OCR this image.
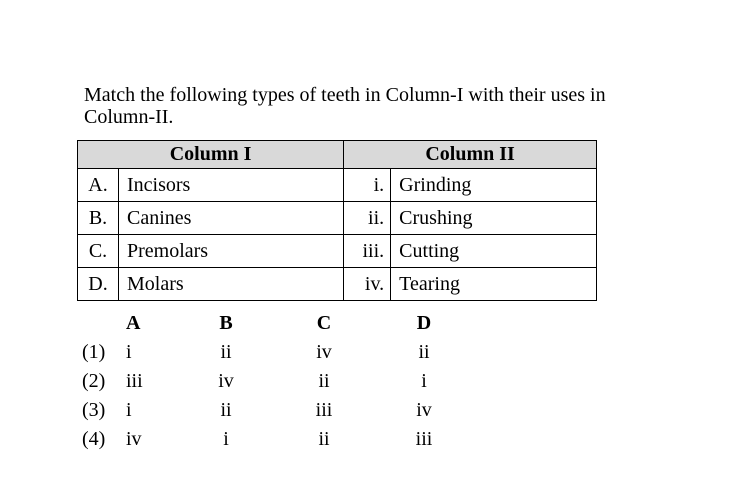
Match the following types of teeth in Column-I with their uses in Column-II.
Column I		Column II	
A.	Incisors	i.	Grinding
B.	Canines	ii.	Crushing
C.	Premolars	iii.	Cutting
D.	Molars	iv.	Tearing
A	B	C	D
(1) i	ii	iv	ii
(2) iii	iv	ii	i
(3) i	ii	iii	iv
(4) iv	i	ii	iii
